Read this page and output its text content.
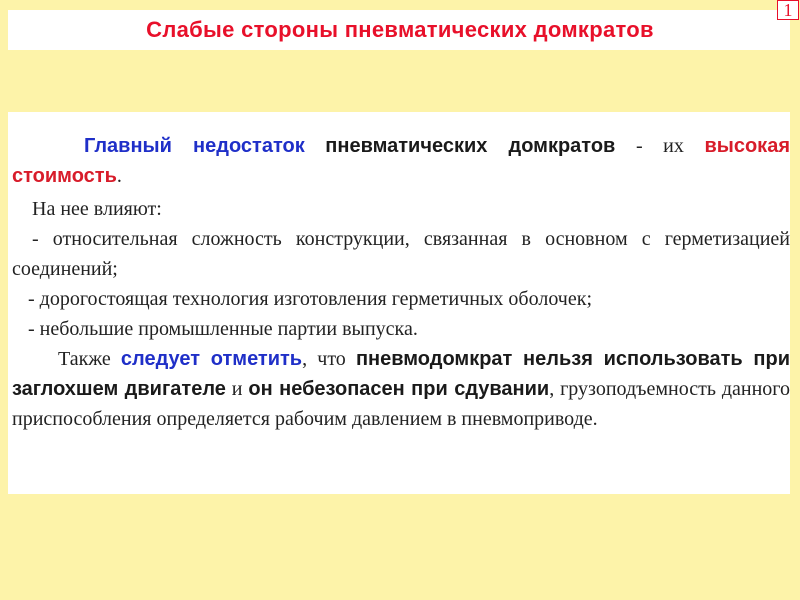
Слабые стороны пневматических домкратов
1

Главный недостаток пневматических домкратов - их высокая стоимость.

На нее влияют:

- относительная сложность конструкции, связанная в основном с герметизацией соединений;

- дорогостоящая технология изготовления герметичных оболочек;

- небольшие промышленные партии выпуска.

Также следует отметить, что пневмодомкрат нельзя использовать при заглохшем двигателе и он небезопасен при сдувании, грузоподъемность данного приспособления определяется рабочим давлением в пневмоприводе.
